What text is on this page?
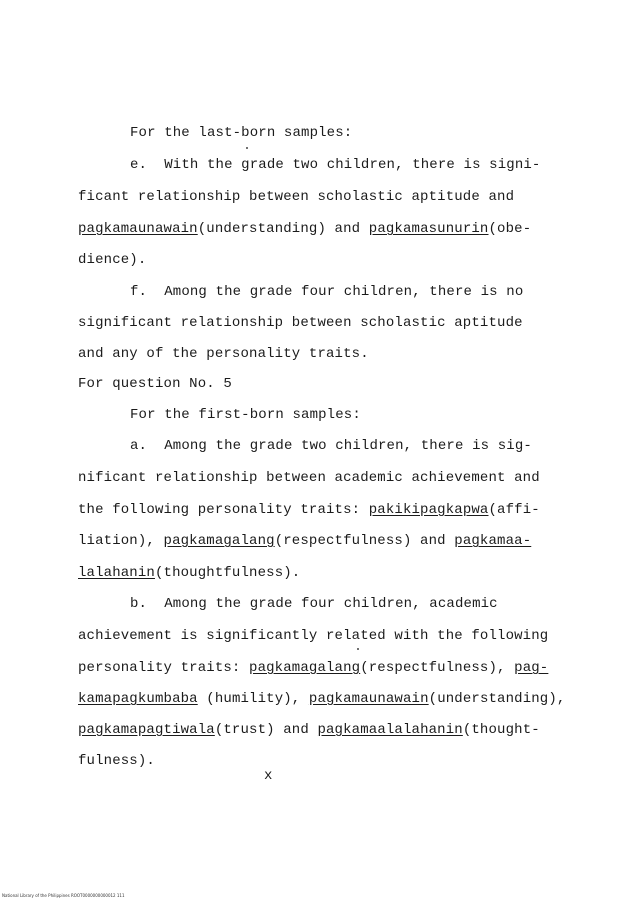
For the last-born samples:
e. With the grade two children, there is signi-
ficant relationship between scholastic aptitude and
pagkamaunawain(understanding) and pagkamasunurin(obe-
dience).
f. Among the grade four children, there is no
significant relationship between scholastic aptitude
and any of the personality traits.
For question No. 5
For the first-born samples:
a. Among the grade two children, there is sig-
nificant relationship between academic achievement and
the following personality traits: pakikipagkapwa(affi-
liation), pagkamagalang(respectfulness) and pagkamaa-
lalahanin(thoughtfulness).
b. Among the grade four children, academic
achievement is significantly related with the following
personality traits: pagkamagalang(respectfulness), pag-
kamapagkumbaba (humility), pagkamaunawain(understanding),
pagkamapagtiwala(trust) and pagkamaalalahanin(thought-
fulness).
x
National Library of the Philippines ROOT0000000000012 111
